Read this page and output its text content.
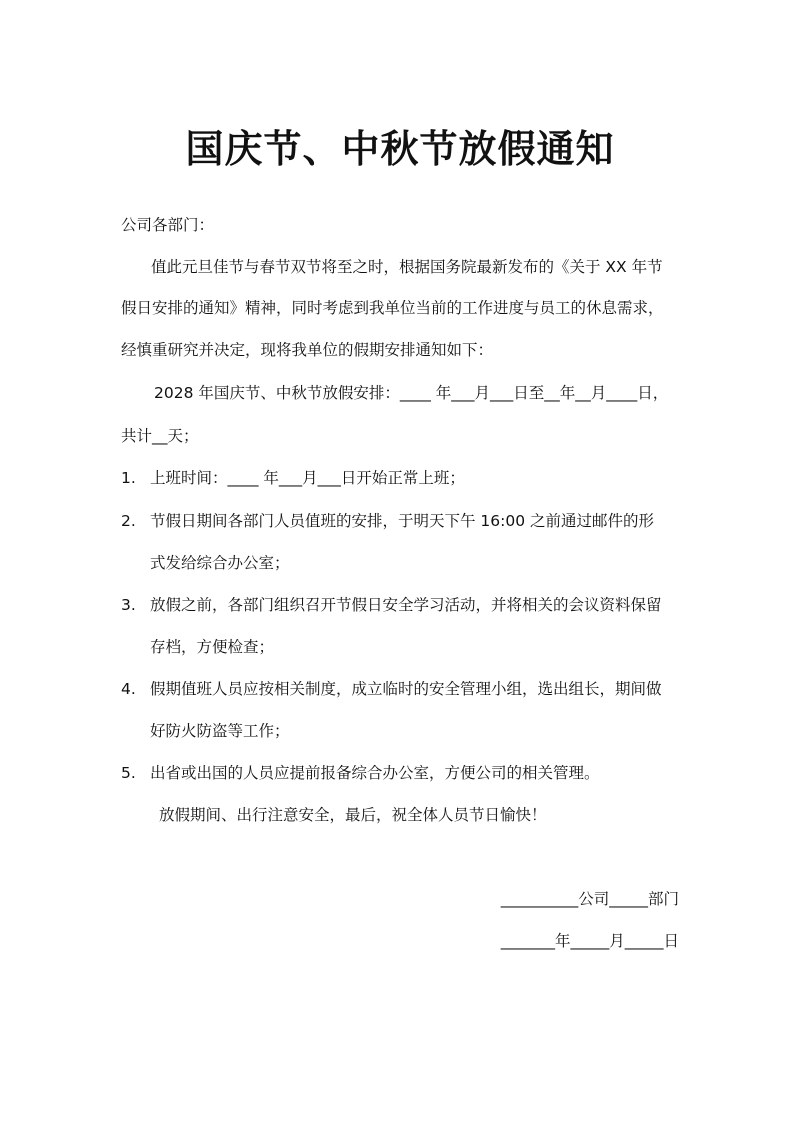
国庆节、中秋节放假通知

公司各部门：

值此元旦佳节与春节双节将至之时，根据国务院最新发布的《关于 XX 年节

假日安排的通知》精神，同时考虑到我单位当前的工作进度与员工的休息需求，

经慎重研究并决定，现将我单位的假期安排通知如下：

2028 年国庆节、中秋节放假安排：____ 年___月___日至__年__月____日，

共计__天；

1. 上班时间：____ 年___月___日开始正常上班；

2. 节假日期间各部门人员值班的安排，于明天下午 16:00 之前通过邮件的形

式发给综合办公室；

3. 放假之前，各部门组织召开节假日安全学习活动，并将相关的会议资料保留

存档，方便检查；

4. 假期值班人员应按相关制度，成立临时的安全管理小组，选出组长，期间做

好防火防盗等工作；

5. 出省或出国的人员应提前报备综合办公室，方便公司的相关管理。

放假期间、出行注意安全，最后，祝全体人员节日愉快！

__________公司_____部门

_______年_____月_____日
